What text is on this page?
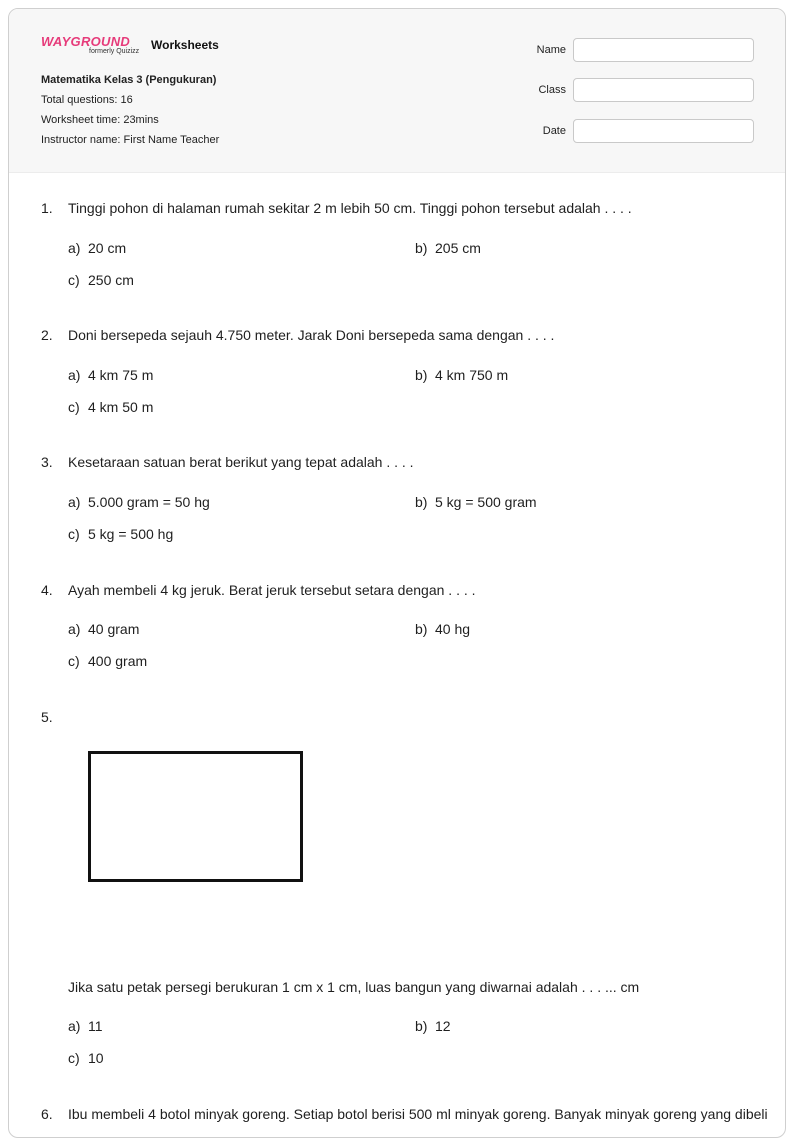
WAYGROUND
formerly Quizizz Worksheets
Matematika Kelas 3 (Pengukuran)
Total questions: 16
Worksheet time: 23mins
Instructor name: First Name Teacher
Name
Class
Date
1. Tinggi pohon di halaman rumah sekitar 2 m lebih 50 cm. Tinggi pohon tersebut adalah . . . .
a) 20 cm	b) 205 cm
c) 250 cm
2. Doni bersepeda sejauh 4.750 meter. Jarak Doni bersepeda sama dengan . . . .
a) 4 km 75 m	b) 4 km 750 m
c) 4 km 50 m
3. Kesetaraan satuan berat berikut yang tepat adalah . . . .
a) 5.000 gram = 50 hg	b) 5 kg = 500 gram
c) 5 kg = 500 hg
4. Ayah membeli 4 kg jeruk. Berat jeruk tersebut setara dengan . . . .
a) 40 gram	b) 40 hg
c) 400 gram
5.
Jika satu petak persegi berukuran 1 cm x 1 cm, luas bangun yang diwarnai adalah . . . ... cm
a) 11	b) 12
c) 10
6. Ibu membeli 4 botol minyak goreng. Setiap botol berisi 500 ml minyak goreng. Banyak minyak goreng yang dibeli
